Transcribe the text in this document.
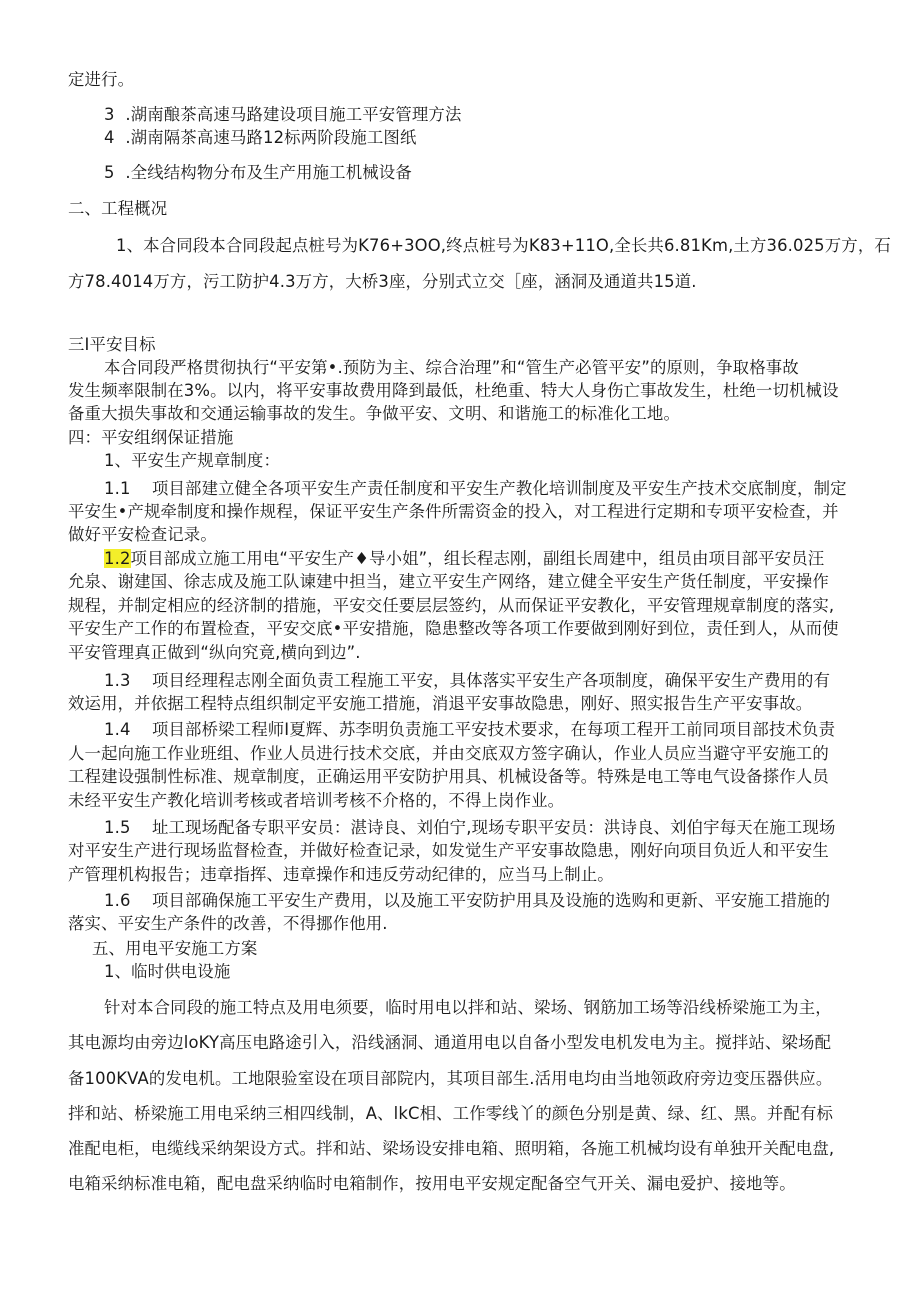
定进行。
3 .湖南酿茶高速马路建设项目施工平安管理方法
4 .湖南隔茶高速马路12标两阶段施工图纸
5 .全线结构物分布及生产用施工机械设备
二、工程概况
1、本合同段本合同段起点桩号为K76+3OO,终点桩号为K83+11O,全长共6.81Km,土方36.025万方，石
方78.4014万方，污工防护4.3万方，大桥3座，分别式立交［座，涵洞及通道共15道.
三I平安目标
本合同段严格贯彻执行“平安第•.预防为主、综合治理”和“管生产必管平安”的原则，争取格事故
发生频率限制在3%。以内，将平安事故费用降到最低，杜绝重、特大人身伤亡事故发生，杜绝一切机械设
备重大损失事故和交通运输事故的发生。争做平安、文明、和谐施工的标准化工地。
四：平安组纲保证措施
1、平安生产规章制度：
1.1    项目部建立健全各项平安生产责任制度和平安生产教化培训制度及平安生产技术交底制度，制定
平安生•产规牵制度和操作规程，保证平安生产条件所需资金的投入，对工程进行定期和专项平安检查，并
做好平安检查记录。
1.2项目部成立施工用电“平安生产♦导小姐”，组长程志刚，副组长周建中，组员由项目部平安员汪
允泉、谢建国、徐志成及施工队谏建中担当，建立平安生产网络，建立健全平安生产货任制度，平安操作
规程，并制定相应的经济制的措施，平安交任要层层签约，从而保证平安教化，平安管理规章制度的落实,
平安生产工作的布置检查，平安交底•平安措施，隐患整改等各项工作要做到刚好到位，责任到人，从而使
平安管理真正做到“纵向究竟,横向到边”.
1.3    项目经理程志刚全面负责工程施工平安，具体落实平安生产各项制度，确保平安生产费用的有
效运用，并依据工程特点组织制定平安施工措施，消退平安事故隐患，刚好、照实报告生产平安事故。
1.4    项目部桥梁工程师I夏辉、苏李明负责施工平安技术要求，在每项工程开工前同项目部技术负责
人一起向施工作业班组、作业人员进行技术交底，并由交底双方签字确认，作业人员应当避守平安施工的
工程建设强制性标准、规章制度，正确运用平安防护用具、机械设备等。特殊是电工等电气设备搽作人员
未经平安生产教化培训考核或者培训考核不介格的，不得上岗作业。
1.5    址工现场配备专职平安员：湛诗良、刘伯宁,现场专职平安员：洪诗良、刘伯宇每天在施工现场
对平安生产进行现场监督检查，并做好检查记录，如发觉生产平安事故隐患，刚好向项目负近人和平安生
产管理机构报告；违章指挥、违章操作和违反劳动纪律的，应当马上制止。
1.6    项目部确保施工平安生产费用，以及施工平安防护用具及设施的选购和更新、平安施工措施的
落实、平安生产条件的改善，不得挪作他用.
五、用电平安施工方案
1、临时供电设施
针对本合同段的施工特点及用电须要，临时用电以拌和站、梁场、钢筋加工场等沿线桥梁施工为主，
其电源均由旁边loKY高压电路途引入，沿线涵洞、通道用电以自备小型发电机发电为主。搅拌站、梁场配
备100KVA的发电机。工地限验室设在项目部院内，其项目部生.活用电均由当地领政府旁边变压器供应。
拌和站、桥梁施工用电采纳三相四线制，A、lkC相、工作零线丫的颜色分别是黄、绿、红、黑。并配有标
准配电柜，电缆线采纳架设方式。拌和站、梁场设安排电箱、照明箱，各施工机械均设有单独开关配电盘,
电箱采纳标准电箱，配电盘采纳临时电箱制作，按用电平安规定配备空气开关、漏电爱护、接地等。
